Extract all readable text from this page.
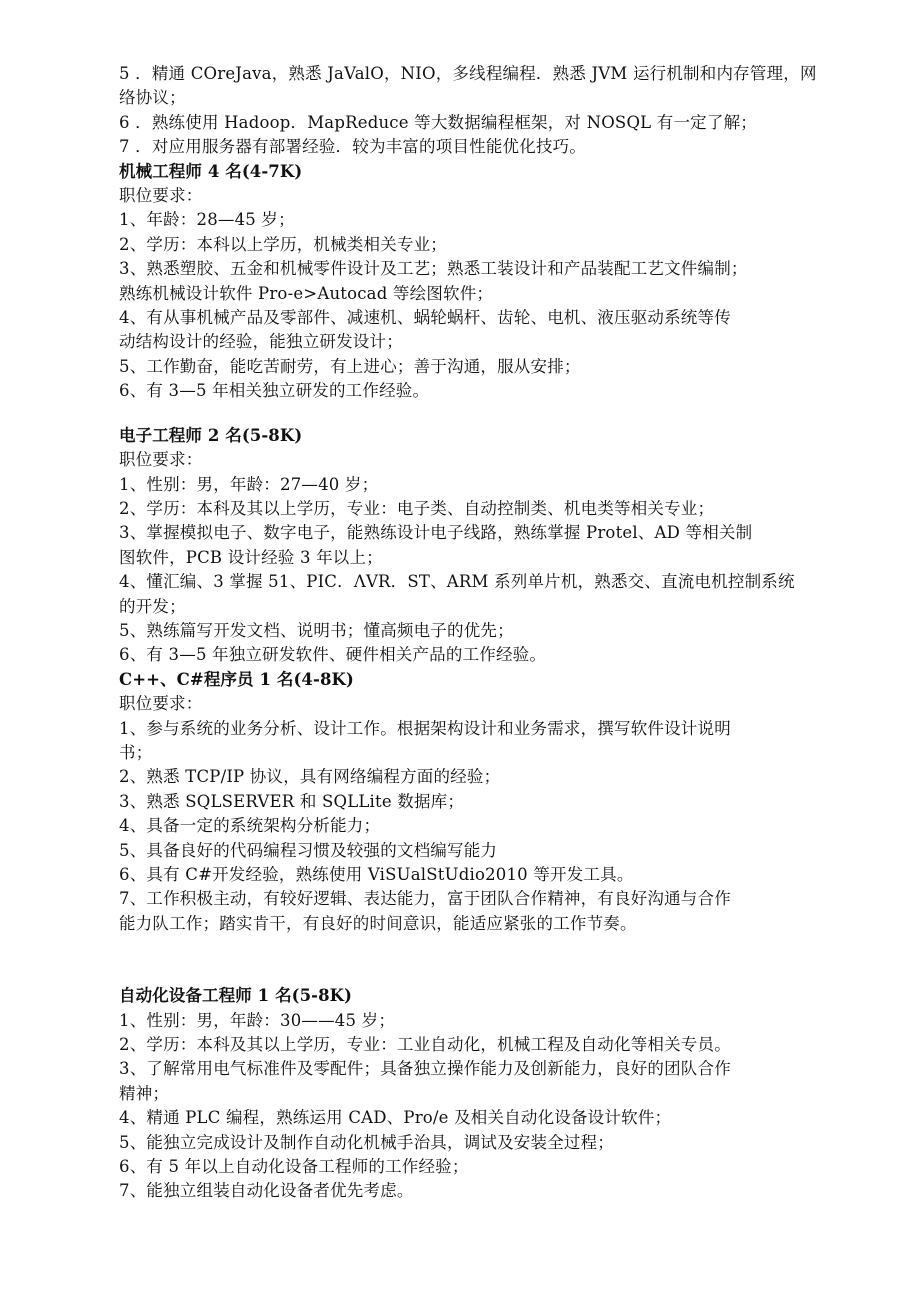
5 ．精通 COreJava，熟悉 JaValO，NIO，多线程编程．熟悉 JVM 运行机制和内存管理，网
络协议；
6 ．熟练使用 Hadoop．MapReduce 等大数据编程框架，对 NOSQL 有一定了解；
7 ．对应用服务器有部署经验．较为丰富的项目性能优化技巧。
机械工程师 4 名(4-7K)
职位要求：
1、年龄：28—45 岁；
2、学历：本科以上学历，机械类相关专业；
3、熟悉塑胶、五金和机械零件设计及工艺；熟悉工装设计和产品装配工艺文件编制；
熟练机械设计软件 Pro-e>Autocad 等绘图软件；
4、有从事机械产品及零部件、减速机、蜗轮蜗杆、齿轮、电机、液压驱动系统等传
动结构设计的经验，能独立研发设计；
5、工作勤奋，能吃苦耐劳，有上进心；善于沟通，服从安排；
6、有 3—5 年相关独立研发的工作经验。
电子工程师 2 名(5-8K)
职位要求：
1、性别：男，年龄：27—40 岁；
2、学历：本科及其以上学历，专业：电子类、自动控制类、机电类等相关专业；
3、掌握模拟电子、数字电子，能熟练设计电子线路，熟练掌握 Protel、AD 等相关制
图软件，PCB 设计经验 3 年以上；
4、懂汇编、3 掌握 51、PIC．ΛVR．ST、ARM 系列单片机，熟悉交、直流电机控制系统
的开发；
5、熟练篇写开发文档、说明书；懂高频电子的优先；
6、有 3—5 年独立研发软件、硬件相关产品的工作经验。
C++、C#程序员 1 名(4-8K)
职位要求：
1、参与系统的业务分析、设计工作。根据架构设计和业务需求，撰写软件设计说明
书；
2、熟悉 TCP/IP 协议，具有网络编程方面的经验；
3、熟悉 SQLSERVER 和 SQLLite 数据库；
4、具备一定的系统架构分析能力；
5、具备良好的代码编程习惯及较强的文档编写能力
6、具有 C#开发经验，熟练使用 ViSUalStUdio2010 等开发工具。
7、工作积极主动，有较好逻辑、表达能力，富于团队合作精神，有良好沟通与合作
能力队工作；踏实肯干，有良好的时间意识，能适应紧张的工作节奏。
自动化设备工程师 1 名(5-8K)
1、性别：男，年龄：30——45 岁；
2、学历：本科及其以上学历，专业：工业自动化，机械工程及自动化等相关专员。
3、了解常用电气标准件及零配件；具备独立操作能力及创新能力，良好的团队合作
精神；
4、精通 PLC 编程，熟练运用 CAD、Pro/e 及相关自动化设备设计软件；
5、能独立完成设计及制作自动化机械手治具，调试及安装全过程；
6、有 5 年以上自动化设备工程师的工作经验；
7、能独立组装自动化设备者优先考虑。
